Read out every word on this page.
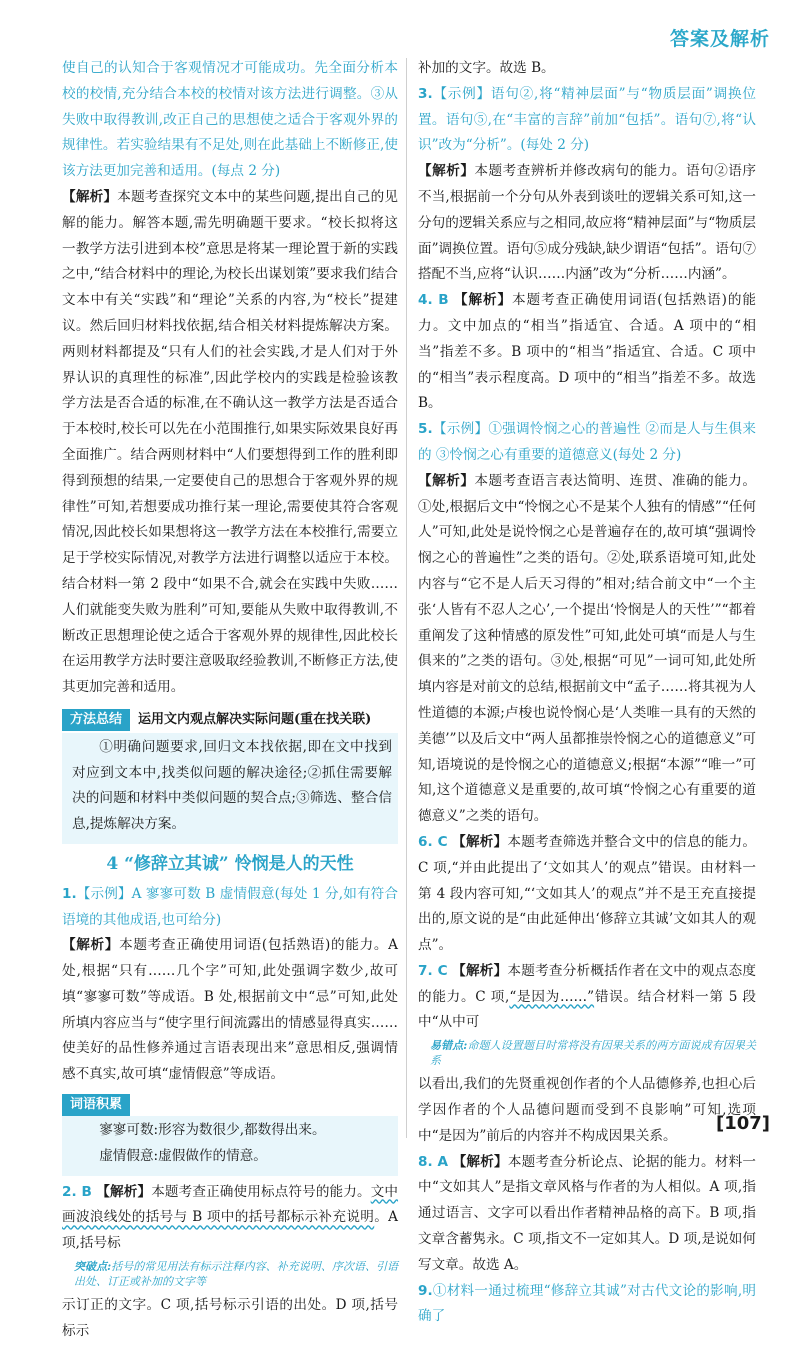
答案及解析

使自己的认知合于客观情况才可能成功。先全面分析本校的校情,充分结合本校的校情对该方法进行调整。③从失败中取得教训,改正自己的思想使之适合于客观外界的规律性。若实验结果有不足处,则在此基础上不断修正,使该方法更加完善和适用。(每点 2 分)

【解析】本题考查探究文本中的某些问题,提出自己的见解的能力。解答本题,需先明确题干要求。“校长拟将这一教学方法引进到本校”意思是将某一理论置于新的实践之中,“结合材料中的理论,为校长出谋划策”要求我们结合文本中有关“实践”和“理论”关系的内容,为“校长”提建议。然后回归材料找依据,结合相关材料提炼解决方案。两则材料都提及“只有人们的社会实践,才是人们对于外界认识的真理性的标准”,因此学校内的实践是检验该教学方法是否合适的标准,在不确认这一教学方法是否适合于本校时,校长可以先在小范围推行,如果实际效果良好再全面推广。结合两则材料中“人们要想得到工作的胜利即得到预想的结果,一定要使自己的思想合于客观外界的规律性”可知,若想要成功推行某一理论,需要使其符合客观情况,因此校长如果想将这一教学方法在本校推行,需要立足于学校实际情况,对教学方法进行调整以适应于本校。结合材料一第 2 段中“如果不合,就会在实践中失败……人们就能变失败为胜利”可知,要能从失败中取得教训,不断改正思想理论使之适合于客观外界的规律性,因此校长在运用教学方法时要注意吸取经验教训,不断修正方法,使其更加完善和适用。

方法总结	运用文内观点解决实际问题(重在找关联)
①明确问题要求,回归文本找依据,即在文中找到对应到文本中,找类似问题的解决途径;②抓住需要解决的问题和材料中类似问题的契合点;③筛选、整合信息,提炼解决方案。
4 “修辞立其诚” 怜悯是人的天性

1.【示例】A 寥寥可数 B 虚情假意(每处 1 分,如有符合语境的其他成语,也可给分)

【解析】本题考查正确使用词语(包括熟语)的能力。A 处,根据“只有……几个字”可知,此处强调字数少,故可填“寥寥可数”等成语。B 处,根据前文中“忌”可知,此处所填内容应当与“使字里行间流露出的情感显得真实……使美好的品性修养通过言语表现出来”意思相反,强调情感不真实,故可填“虚情假意”等成语。

词语积累
寥寥可数:形容为数很少,都数得出来。
虚情假意:虚假做作的情意。

2. B 【解析】本题考查正确使用标点符号的能力。文中画波浪线处的括号与 B 项中的括号都标示补充说明。A 项,括号标

突破点:括号的常见用法有标示注释内容、补充说明、序次语、引语出处、订正或补加的文字等

示订正的文字。C 项,括号标示引语的出处。D 项,括号标示

补加的文字。故选 B。

3.【示例】语句②,将“精神层面”与“物质层面”调换位置。语句⑤,在“丰富的言辞”前加“包括”。语句⑦,将“认识”改为“分析”。(每处 2 分)

【解析】本题考查辨析并修改病句的能力。语句②语序不当,根据前一个分句从外表到谈吐的逻辑关系可知,这一分句的逻辑关系应与之相同,故应将“精神层面”与“物质层面”调换位置。语句⑤成分残缺,缺少谓语“包括”。语句⑦搭配不当,应将“认识……内涵”改为“分析……内涵”。

4. B 【解析】本题考查正确使用词语(包括熟语)的能力。文中加点的“相当”指适宜、合适。A 项中的“相当”指差不多。B 项中的“相当”指适宜、合适。C 项中的“相当”表示程度高。D 项中的“相当”指差不多。故选 B。

5.【示例】①强调怜悯之心的普遍性 ②而是人与生俱来的 ③怜悯之心有重要的道德意义(每处 2 分)

【解析】本题考查语言表达简明、连贯、准确的能力。①处,根据后文中“怜悯之心不是某个人独有的情感”“任何人”可知,此处是说怜悯之心是普遍存在的,故可填“强调怜悯之心的普遍性”之类的语句。②处,联系语境可知,此处内容与“它不是人后天习得的”相对;结合前文中“一个主张‘人皆有不忍人之心’,一个提出‘怜悯是人的天性’”“都着重阐发了这种情感的原发性”可知,此处可填“而是人与生俱来的”之类的语句。③处,根据“可见”一词可知,此处所填内容是对前文的总结,根据前文中“孟子……将其视为人性道德的本源;卢梭也说怜悯心是‘人类唯一具有的天然的美德’”以及后文中“两人虽都推崇怜悯之心的道德意义”可知,语境说的是怜悯之心的道德意义;根据“本源”“唯一”可知,这个道德意义是重要的,故可填“怜悯之心有重要的道德意义”之类的语句。

6. C 【解析】本题考查筛选并整合文中的信息的能力。C 项,“并由此提出了‘文如其人’的观点”错误。由材料一第 4 段内容可知,“‘文如其人’的观点”并不是王充直接提出的,原文说的是“由此延伸出‘修辞立其诚’文如其人的观点”。

7. C 【解析】本题考查分析概括作者在文中的观点态度的能力。C 项,“是因为……”错误。结合材料一第 5 段中“从中可

易错点:命题人设置题目时常将没有因果关系的两方面说成有因果关系

以看出,我们的先贤重视创作者的个人品德修养,也担心后学因作者的个人品德问题而受到不良影响”可知,选项中“是因为”前后的内容并不构成因果关系。

8. A 【解析】本题考查分析论点、论据的能力。材料一中“文如其人”是指文章风格与作者的为人相似。A 项,指通过语言、文字可以看出作者精神品格的高下。B 项,指文章含蓄隽永。C 项,指文不一定如其人。D 项,是说如何写文章。故选 A。

9.①材料一通过梳理“修辞立其诚”对古代文论的影响,明确了

[107]
